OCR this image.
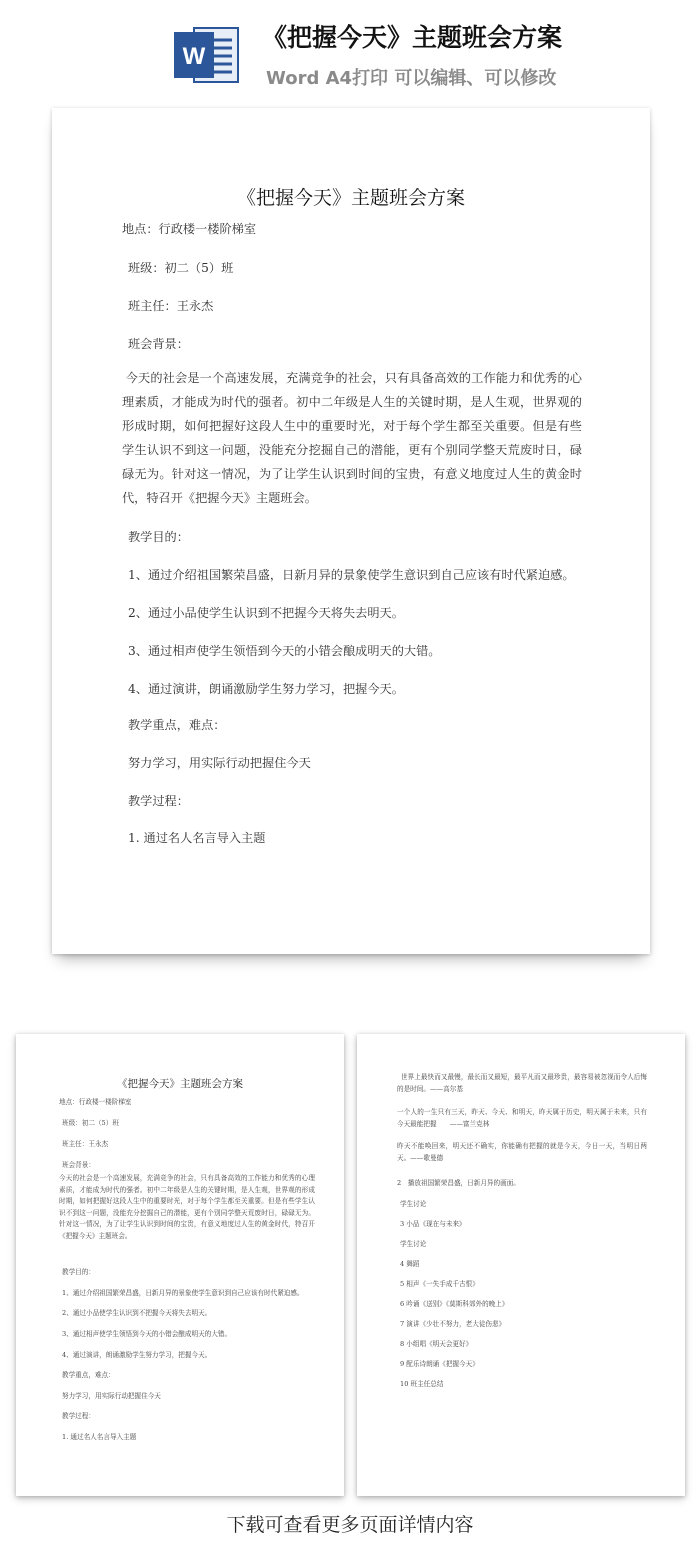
W
《把握今天》主题班会方案
Word A4打印 可以编辑、可以修改
《把握今天》主题班会方案
地点：行政楼一楼阶梯室
班级：初二（5）班
班主任：王永杰
班会背景：
今天的社会是一个高速发展，充满竞争的社会，只有具备高效的工作能力和优秀的心理素质，才能成为时代的强者。初中二年级是人生的关键时期，是人生观，世界观的形成时期，如何把握好这段人生中的重要时光，对于每个学生都至关重要。但是有些学生认识不到这一问题，没能充分挖掘自己的潜能，更有个别同学整天荒废时日，碌碌无为。针对这一情况，为了让学生认识到时间的宝贵，有意义地度过人生的黄金时代，特召开《把握今天》主题班会。
教学目的：
1、通过介绍祖国繁荣昌盛，日新月异的景象使学生意识到自己应该有时代紧迫感。
2、通过小品使学生认识到不把握今天将失去明天。
3、通过相声使学生领悟到今天的小错会酿成明天的大错。
4、通过演讲，朗诵激励学生努力学习，把握今天。
教学重点，难点：
努力学习，用实际行动把握住今天
教学过程：
1. 通过名人名言导入主题
《把握今天》主题班会方案
地点：行政楼一楼阶梯室
班级：初二（5）班
班主任：王永杰
班会背景：
今天的社会是一个高速发展，充满竞争的社会，只有具备高效的工作能力和优秀的心理素质，才能成为时代的强者。初中二年级是人生的关键时期，是人生观，世界观的形成时期，如何把握好这段人生中的重要时光，对于每个学生都至关重要。但是有些学生认识不到这一问题，没能充分挖掘自己的潜能，更有个别同学整天荒废时日，碌碌无为。针对这一情况，为了让学生认识到时间的宝贵，有意义地度过人生的黄金时代，特召开《把握今天》主题班会。
教学目的：
1、通过介绍祖国繁荣昌盛，日新月异的景象使学生意识到自己应该有时代紧迫感。
2、通过小品使学生认识到不把握今天将失去明天。
3、通过相声使学生领悟到今天的小错会酿成明天的大错。
4、通过演讲，朗诵激励学生努力学习，把握今天。
教学重点，难点：
努力学习，用实际行动把握住今天
教学过程：
1. 通过名人名言导入主题
世界上最快而又最慢，最长而又最短，最平凡而又最珍贵，最容易被忽视而令人后悔的是时间。——高尔基
一个人的一生只有三天，昨天、今天、和明天，昨天属于历史，明天属于未来，只有今天最能把握　　——富兰克林
昨天不能唤回来，明天还不确实，你能确有把握的就是今天，今日一天，当明日两天。——歌曼德
2　播放祖国繁荣昌盛，日新月异的画面。
学生讨论
3 小品《现在与未来》
学生讨论
4 舞蹈
5 相声《一失手成千古恨》
6 吟诵《送别》《莫斯科郊外的晚上》
7 演讲《少壮不努力，老大徒伤悲》
8 小组唱《明天会更好》
9 配乐诗朗诵《把握今天》
10 班主任总结
下载可查看更多页面详情内容
